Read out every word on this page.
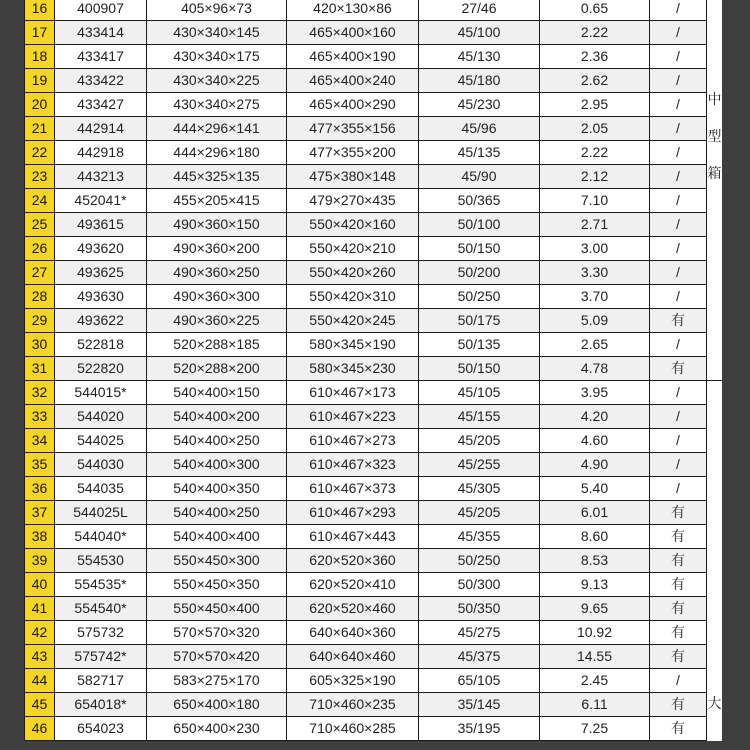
16	400907	405×96×73	420×130×86	27/46	0.65	/	中
型
箱

17	433414	430×340×145	465×400×160	45/100	2.22	/	
18	433417	430×340×175	465×400×190	45/130	2.36	/	
19	433422	430×340×225	465×400×240	45/180	2.62	/	
20	433427	430×340×275	465×400×290	45/230	2.95	/	
21	442914	444×296×141	477×355×156	45/96	2.05	/	
22	442918	444×296×180	477×355×200	45/135	2.22	/	
23	443213	445×325×135	475×380×148	45/90	2.12	/	
24	452041*	455×205×415	479×270×435	50/365	7.10	/	
25	493615	490×360×150	550×420×160	50/100	2.71	/	
26	493620	490×360×200	550×420×210	50/150	3.00	/	
27	493625	490×360×250	550×420×260	50/200	3.30	/	
28	493630	490×360×300	550×420×310	50/250	3.70	/	
29	493622	490×360×225	550×420×245	50/175	5.09	有	
30	522818	520×288×185	580×345×190	50/135	2.65	/	
31	522820	520×288×200	580×345×230	50/150	4.78	有	
32	544015*	540×400×150	610×467×173	45/105	3.95	/	大

33	544020	540×400×200	610×467×223	45/155	4.20	/	
34	544025	540×400×250	610×467×273	45/205	4.60	/	
35	544030	540×400×300	610×467×323	45/255	4.90	/	
36	544035	540×400×350	610×467×373	45/305	5.40	/	
37	544025L	540×400×250	610×467×293	45/205	6.01	有	
38	544040*	540×400×400	610×467×443	45/355	8.60	有	
39	554530	550×450×300	620×520×360	50/250	8.53	有	
40	554535*	550×450×350	620×520×410	50/300	9.13	有	
41	554540*	550×450×400	620×520×460	50/350	9.65	有	
42	575732	570×570×320	640×640×360	45/275	10.92	有	
43	575742*	570×570×420	640×640×460	45/375	14.55	有	
44	582717	583×275×170	605×325×190	65/105	2.45	/	
45	654018*	650×400×180	710×460×235	35/145	6.11	有	
46	654023	650×400×230	710×460×285	35/195	7.25	有	
